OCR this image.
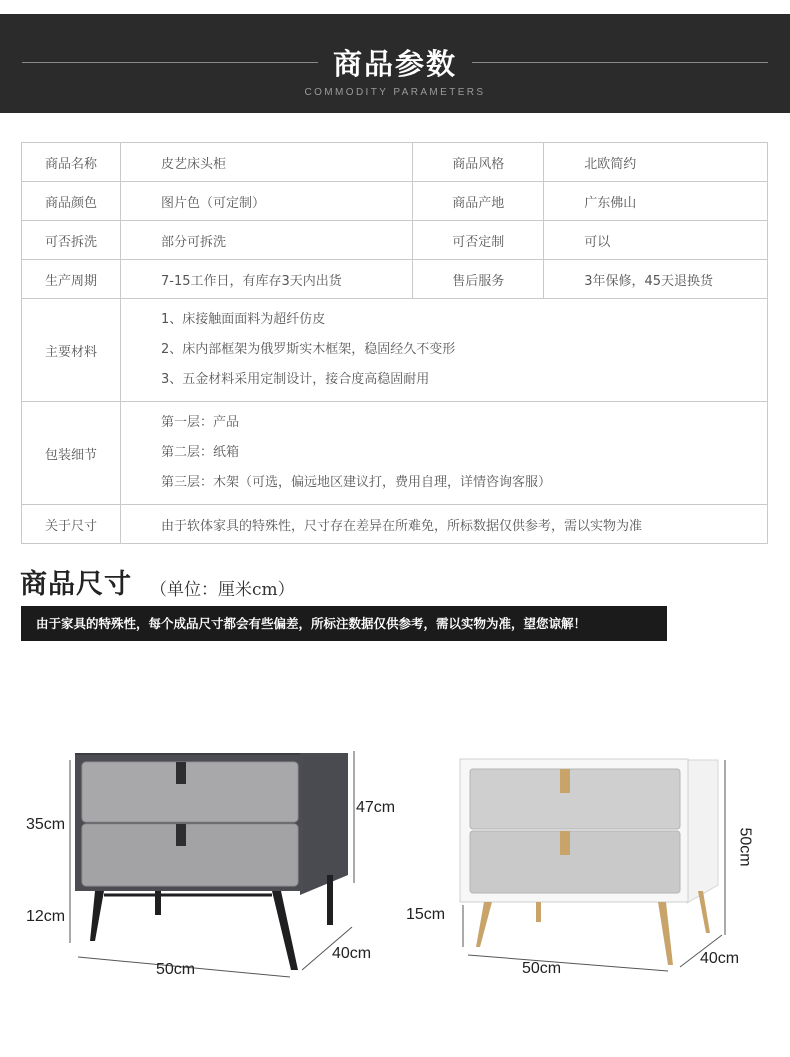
商品参数
COMMODITY PARAMETERS
商品名称	皮艺床头柜	商品风格	北欧简约
商品颜色	图片色（可定制）	商品产地	广东佛山
可否拆洗	部分可拆洗	可否定制	可以
生产周期	7-15工作日，有库存3天内出货	售后服务	3年保修，45天退换货
主要材料	1、床接触面面料为超纤仿皮
2、床内部框架为俄罗斯实木框架，稳固经久不变形
3、五金材料采用定制设计，接合度高稳固耐用		

包装细节	第一层：产品
第二层：纸箱
第三层：木架（可选，偏远地区建议打，费用自理，详情咨询客服）		

关于尺寸	由于软体家具的特殊性，尺寸存在差异在所难免，所标数据仅供参考，需以实物为准		
商品尺寸 （单位：厘米cm）
由于家具的特殊性，每个成品尺寸都会有些偏差，所标注数据仅供参考，需以实物为准，望您谅解！
35cm
12cm
47cm
50cm
40cm
15cm
50cm
50cm
40cm
